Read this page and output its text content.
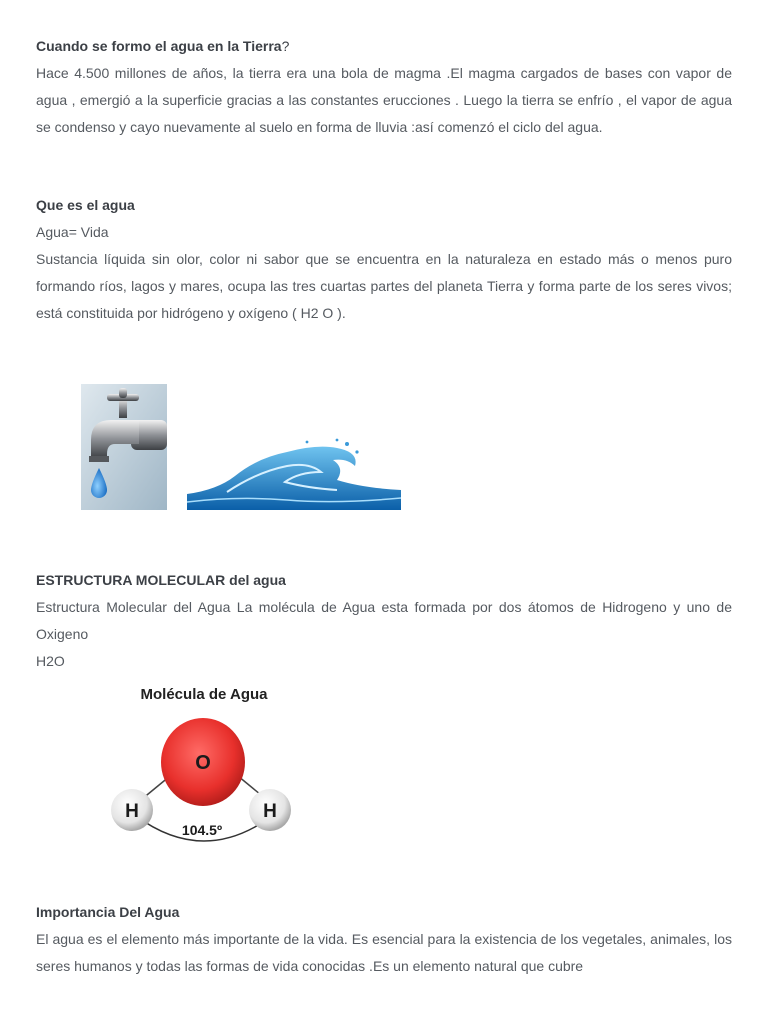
Cuando se formo el agua en la Tierra?

Hace 4.500 millones de años, la tierra era una bola de magma .El magma cargados de bases con vapor de agua , emergió a la superficie gracias a las constantes erucciones . Luego la tierra se enfrío , el vapor de agua se condenso y cayo nuevamente al suelo en forma de lluvia :así comenzó el ciclo del agua.

Que es el agua

Agua= Vida

Sustancia líquida sin olor, color ni sabor que se encuentra en la naturaleza en estado más o menos puro formando ríos, lagos y mares, ocupa las tres cuartas partes del planeta Tierra y forma parte de los seres vivos; está constituida por hidrógeno y oxígeno ( H2 O ).

ESTRUCTURA MOLECULAR del agua

Estructura Molecular del Agua La molécula de Agua esta formada por dos átomos de Hidrogeno y uno de Oxigeno

H2O

Molécula de Agua
O
H	H
104.5º

Importancia Del Agua

El agua es el elemento más importante de la vida. Es esencial para la existencia de los vegetales, animales, los seres humanos y todas las formas de vida conocidas .Es un elemento natural que cubre
